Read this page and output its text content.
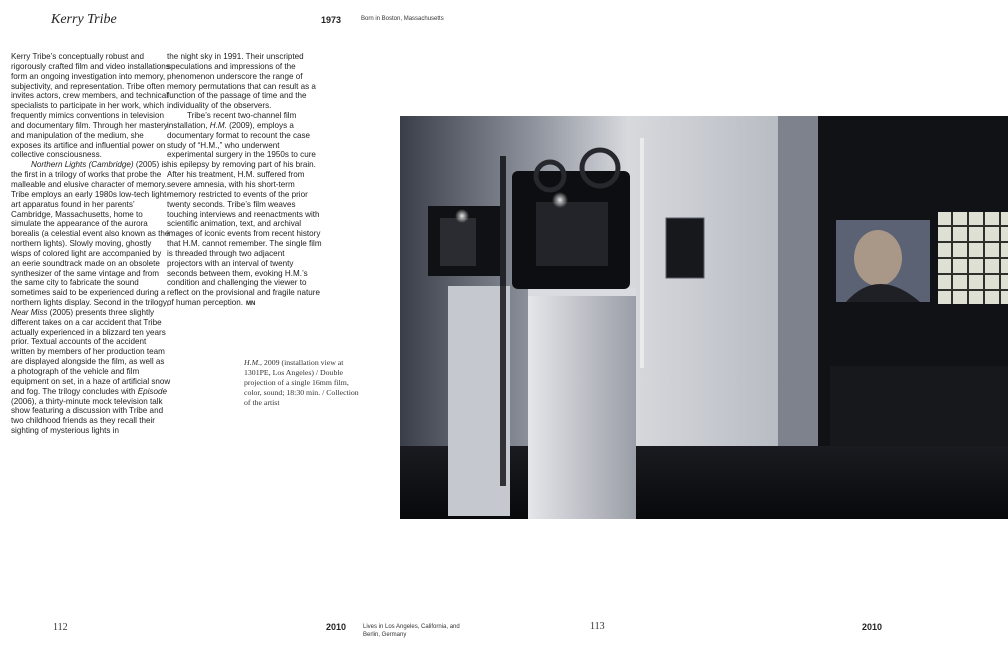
Kerry Tribe	1973	Born in Boston, Massachusetts

Kerry Tribe’s conceptually robust and rigorously crafted film and video installations form an ongoing investigation into memory, subjectivity, and representation. Tribe often invites actors, crew members, and technical specialists to participate in her work, which frequently mimics conventions in television and documentary film. Through her mastery and manipulation of the medium, she exposes its artifice and influential power on collective consciousness.

Northern Lights (Cambridge) (2005) is the first in a trilogy of works that probe the malleable and elusive character of memory. Tribe employs an early 1980s low-tech light-art apparatus found in her parents’ Cambridge, Massachusetts, home to simulate the appearance of the aurora borealis (a celestial event also known as the northern lights). Slowly moving, ghostly wisps of colored light are accompanied by an eerie soundtrack made on an obsolete synthesizer of the same vintage and from the same city to fabricate the sound sometimes said to be experienced during a northern lights display. Second in the trilogy, Near Miss (2005) presents three slightly different takes on a car accident that Tribe actually experienced in a blizzard ten years prior. Textual accounts of the accident written by members of her production team are displayed alongside the film, as well as a photograph of the vehicle and film equipment on set, in a haze of artificial snow and fog. The trilogy concludes with Episode (2006), a thirty-minute mock television talk show featuring a discussion with Tribe and two childhood friends as they recall their sighting of mysterious lights in

the night sky in 1991. Their unscripted speculations and impressions of the phenomenon underscore the range of memory permutations that can result as a function of the passage of time and the individuality of the observers.

Tribe’s recent two-channel film installation, H.M. (2009), employs a documentary format to recount the case study of “H.M.,” who underwent experimental surgery in the 1950s to cure his epilepsy by removing part of his brain. After his treatment, H.M. suffered from severe amnesia, with his short-term memory restricted to events of the prior twenty seconds. Tribe’s film weaves touching interviews and reenactments with scientific animation, text, and archival images of iconic events from recent history that H.M. cannot remember. The single film is threaded through two adjacent projectors with an interval of twenty seconds between them, evoking H.M.’s condition and challenging the viewer to reflect on the provisional and fragile nature of human perception. MN

H.M., 2009 (installation view at 1301PE, Los Angeles) / Double projection of a single 16mm film, color, sound; 18:30 min. / Collection of the artist
112	2010	Lives in Los Angeles, California, and Berlin, Germany
113	2010
